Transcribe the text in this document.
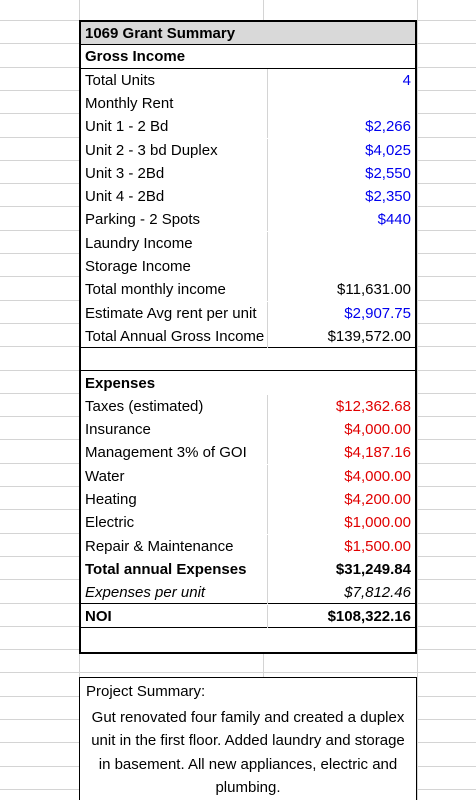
1069 Grant Summary
Gross Income
Total Units	4
Monthly Rent
Unit 1 - 2 Bd	$2,266
Unit 2 - 3 bd Duplex	$4,025
Unit 3 - 2Bd	$2,550
Unit 4 - 2Bd	$2,350
Parking - 2 Spots	$440
Laundry Income
Storage Income
Total monthly income	$11,631.00
Estimate Avg rent per unit	$2,907.75
Total Annual Gross Income	$139,572.00
Expenses
Taxes (estimated)	$12,362.68
Insurance	$4,000.00
Management 3% of GOI	$4,187.16
Water	$4,000.00
Heating	$4,200.00
Electric	$1,000.00
Repair & Maintenance	$1,500.00
Total annual Expenses	$31,249.84
Expenses per unit	$7,812.46
NOI	$108,322.16
Project Summary:
Gut renovated four family and created a duplex unit in the first floor. Added laundry and storage in basement. All new appliances, electric and plumbing.
